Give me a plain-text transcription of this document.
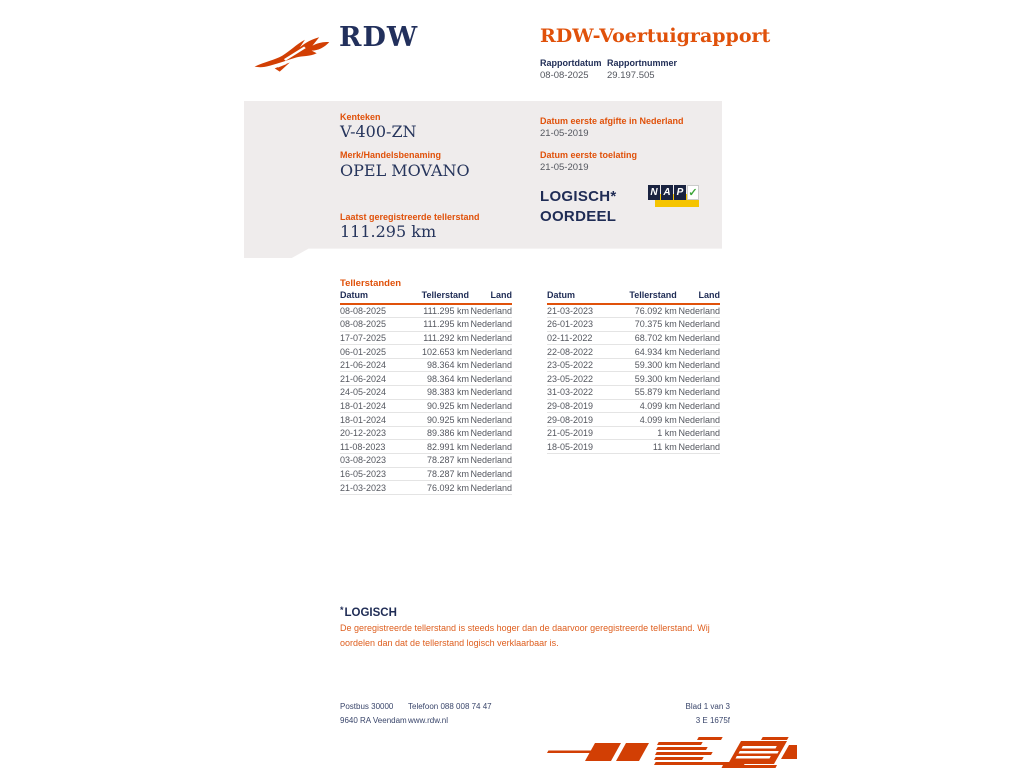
RDW	RDW-Voertuigrapport
Rapportdatum Rapportnummer
08-08-2025 29.197.505
Kenteken
V-400-ZN
Merk/Handelsbenaming
OPEL MOVANO
Laatst geregistreerde tellerstand
111.295 km
Datum eerste afgifte in Nederland
21-05-2019
Datum eerste toelating
21-05-2019
LOGISCH*
OORDEEL
N A P ✓
Tellerstanden
Datum	Tellerstand	Land
08-08-2025	111.295 km	Nederland
08-08-2025	111.295 km	Nederland
17-07-2025	111.292 km	Nederland
06-01-2025	102.653 km	Nederland
21-06-2024	98.364 km	Nederland
21-06-2024	98.364 km	Nederland
24-05-2024	98.383 km	Nederland
18-01-2024	90.925 km	Nederland
18-01-2024	90.925 km	Nederland
20-12-2023	89.386 km	Nederland
11-08-2023	82.991 km	Nederland
03-08-2023	78.287 km	Nederland
16-05-2023	78.287 km	Nederland
21-03-2023	76.092 km	Nederland
Datum	Tellerstand	Land
21-03-2023	76.092 km	Nederland
26-01-2023	70.375 km	Nederland
02-11-2022	68.702 km	Nederland
22-08-2022	64.934 km	Nederland
23-05-2022	59.300 km	Nederland
23-05-2022	59.300 km	Nederland
31-03-2022	55.879 km	Nederland
29-08-2019	4.099 km	Nederland
29-08-2019	4.099 km	Nederland
21-05-2019	1 km	Nederland
18-05-2019	11 km	Nederland
*LOGISCH
De geregistreerde tellerstand is steeds hoger dan de daarvoor geregistreerde tellerstand. Wij oordelen dan dat de tellerstand logisch verklaarbaar is.
Postbus 30000
9640 RA Veendam
Telefoon 088 008 74 47
www.rdw.nl
Blad 1 van 3
3 E 1675f
